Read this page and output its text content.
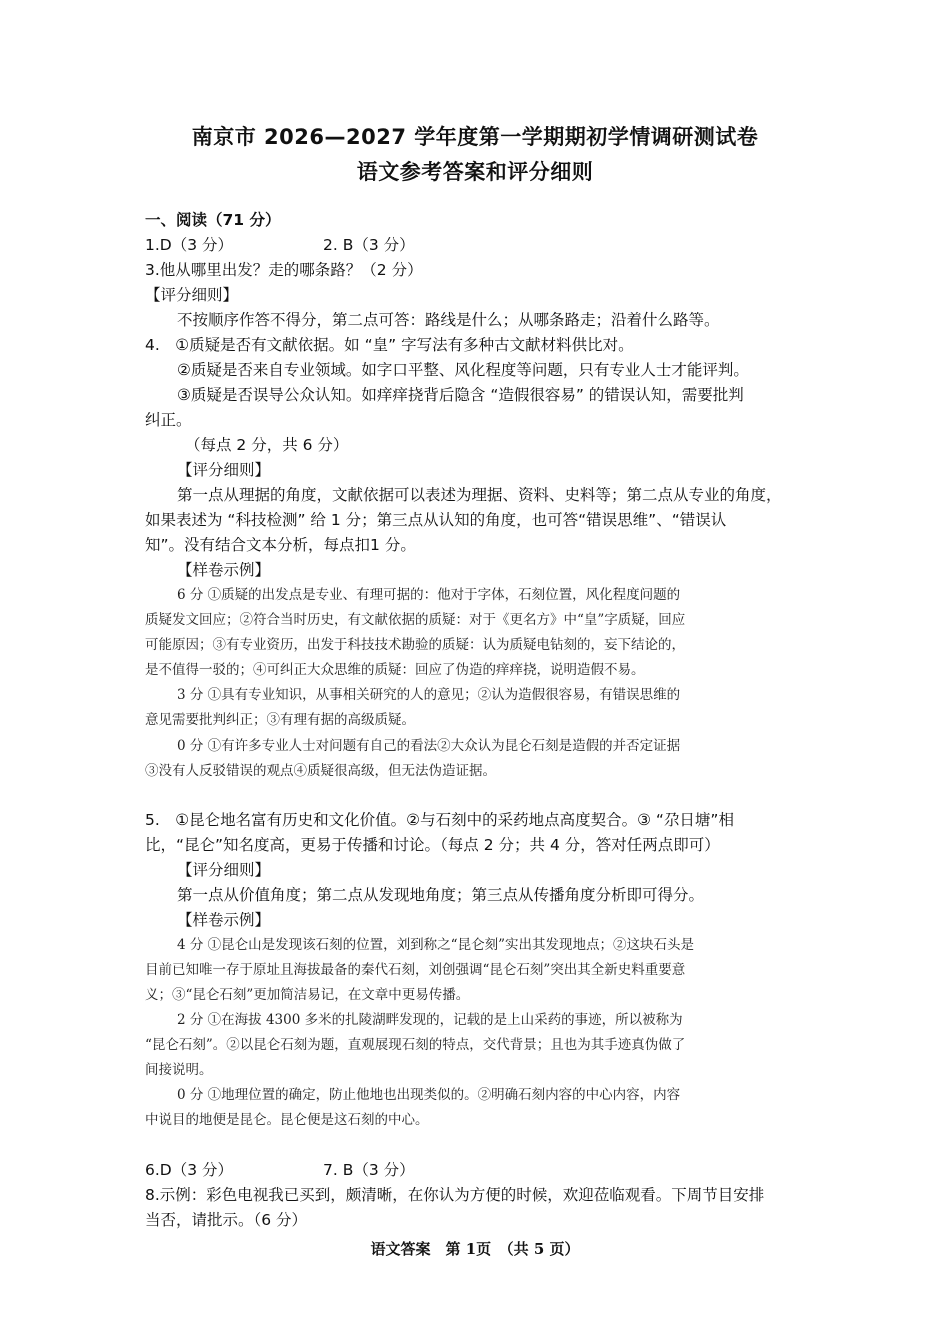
南京市 2026—2027 学年度第一学期期初学情调研测试卷
语文参考答案和评分细则
一、阅读（71 分）
1.D（3 分）	2. B（3 分）
3.他从哪里出发？走的哪条路？（2 分）
【评分细则】
不按顺序作答不得分，第二点可答：路线是什么；从哪条路走；沿着什么路等。
4.　①质疑是否有文献依据。如 “皇” 字写法有多种古文献材料供比对。
②质疑是否来自专业领域。如字口平整、风化程度等问题，只有专业人士才能评判。
③质疑是否误导公众认知。如痒痒挠背后隐含 “造假很容易” 的错误认知，需要批判
纠正。
（每点 2 分，共 6 分）
【评分细则】
第一点从理据的角度，文献依据可以表述为理据、资料、史料等；第二点从专业的角度，
如果表述为 “科技检测” 给 1 分；第三点从认知的角度，也可答“错误思维”、“错误认
知”。没有结合文本分析，每点扣1 分。
【样卷示例】
6 分 ①质疑的出发点是专业、有理可据的：他对于字体，石刻位置，风化程度问题的
质疑发文回应；②符合当时历史，有文献依据的质疑：对于《更名方》中“皇”字质疑，回应
可能原因；③有专业资历，出发于科技技术勘验的质疑：认为质疑电钻刻的，妄下结论的，
是不值得一驳的；④可纠正大众思维的质疑：回应了伪造的痒痒挠，说明造假不易。
3 分 ①具有专业知识，从事相关研究的人的意见；②认为造假很容易，有错误思维的
意见需要批判纠正；③有理有据的高级质疑。
0 分 ①有许多专业人士对问题有自己的看法②大众认为昆仑石刻是造假的并否定证据
③没有人反驳错误的观点④质疑很高级，但无法伪造证据。
5.　①昆仑地名富有历史和文化价值。②与石刻中的采药地点高度契合。③ “尕日塘”相
比，“昆仑”知名度高，更易于传播和讨论。（每点 2 分；共 4 分，答对任两点即可）
【评分细则】
第一点从价值角度；第二点从发现地角度；第三点从传播角度分析即可得分。
【样卷示例】
4 分 ①昆仑山是发现该石刻的位置，刘到称之“昆仑刻”实出其发现地点；②这块石头是
目前已知唯一存于原址且海拔最备的秦代石刻，刘创强调“昆仑石刻”突出其全新史料重要意
义；③“昆仑石刻”更加简洁易记，在文章中更易传播。
2 分 ①在海拔 4300 多米的扎陵湖畔发现的，记载的是上山采药的事迹，所以被称为
“昆仑石刻”。②以昆仑石刻为题，直观展现石刻的特点，交代背景；且也为其手迹真伪做了
间接说明。
0 分 ①地理位置的确定，防止他地也出现类似的。②明确石刻内容的中心内容，内容
中说目的地便是昆仑。昆仑便是这石刻的中心。
6.D（3 分）	7. B（3 分）
8.示例：彩色电视我已买到，颇清晰，在你认为方便的时候，欢迎莅临观看。下周节目安排
当否，请批示。（6 分）
语文答案　第 1页　（共 5 页）
